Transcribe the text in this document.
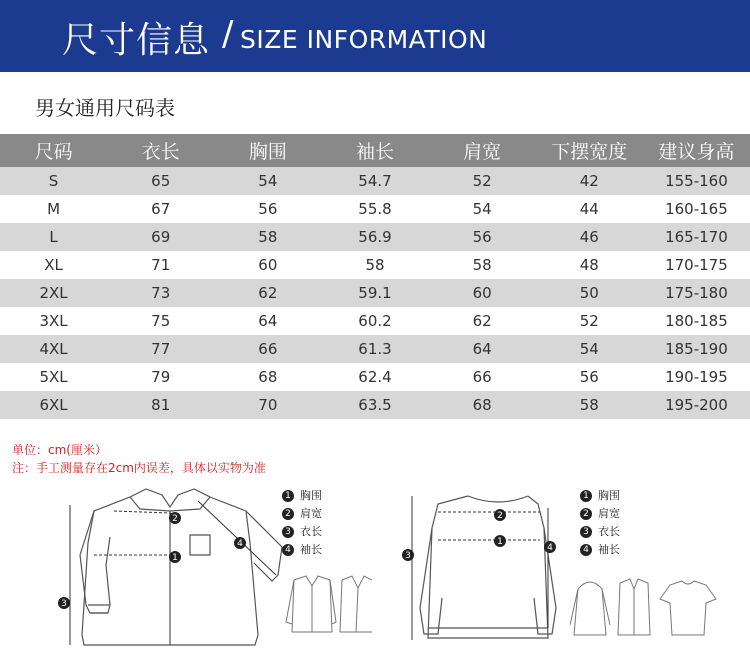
尺寸信息 / SIZE INFORMATION
男女通用尺码表
尺码	衣长	胸围	袖长	肩宽	下摆宽度	建议身高
S	65	54	54.7	52	42	155-160
M	67	56	55.8	54	44	160-165
L	69	58	56.9	56	46	165-170
XL	71	60	58	58	48	170-175
2XL	73	62	59.1	60	50	175-180
3XL	75	64	60.2	62	52	180-185
4XL	77	66	61.3	64	54	185-190
5XL	79	68	62.4	66	56	190-195
6XL	81	70	63.5	68	58	195-200
单位：cm(厘米）
注：手工测量存在2cm内误差，具体以实物为准
2
1
3
4
1 胸围
2 肩宽
3 衣长
4 袖长
2
1
3
4
1 胸围
2 肩宽
3 衣长
4 袖长
